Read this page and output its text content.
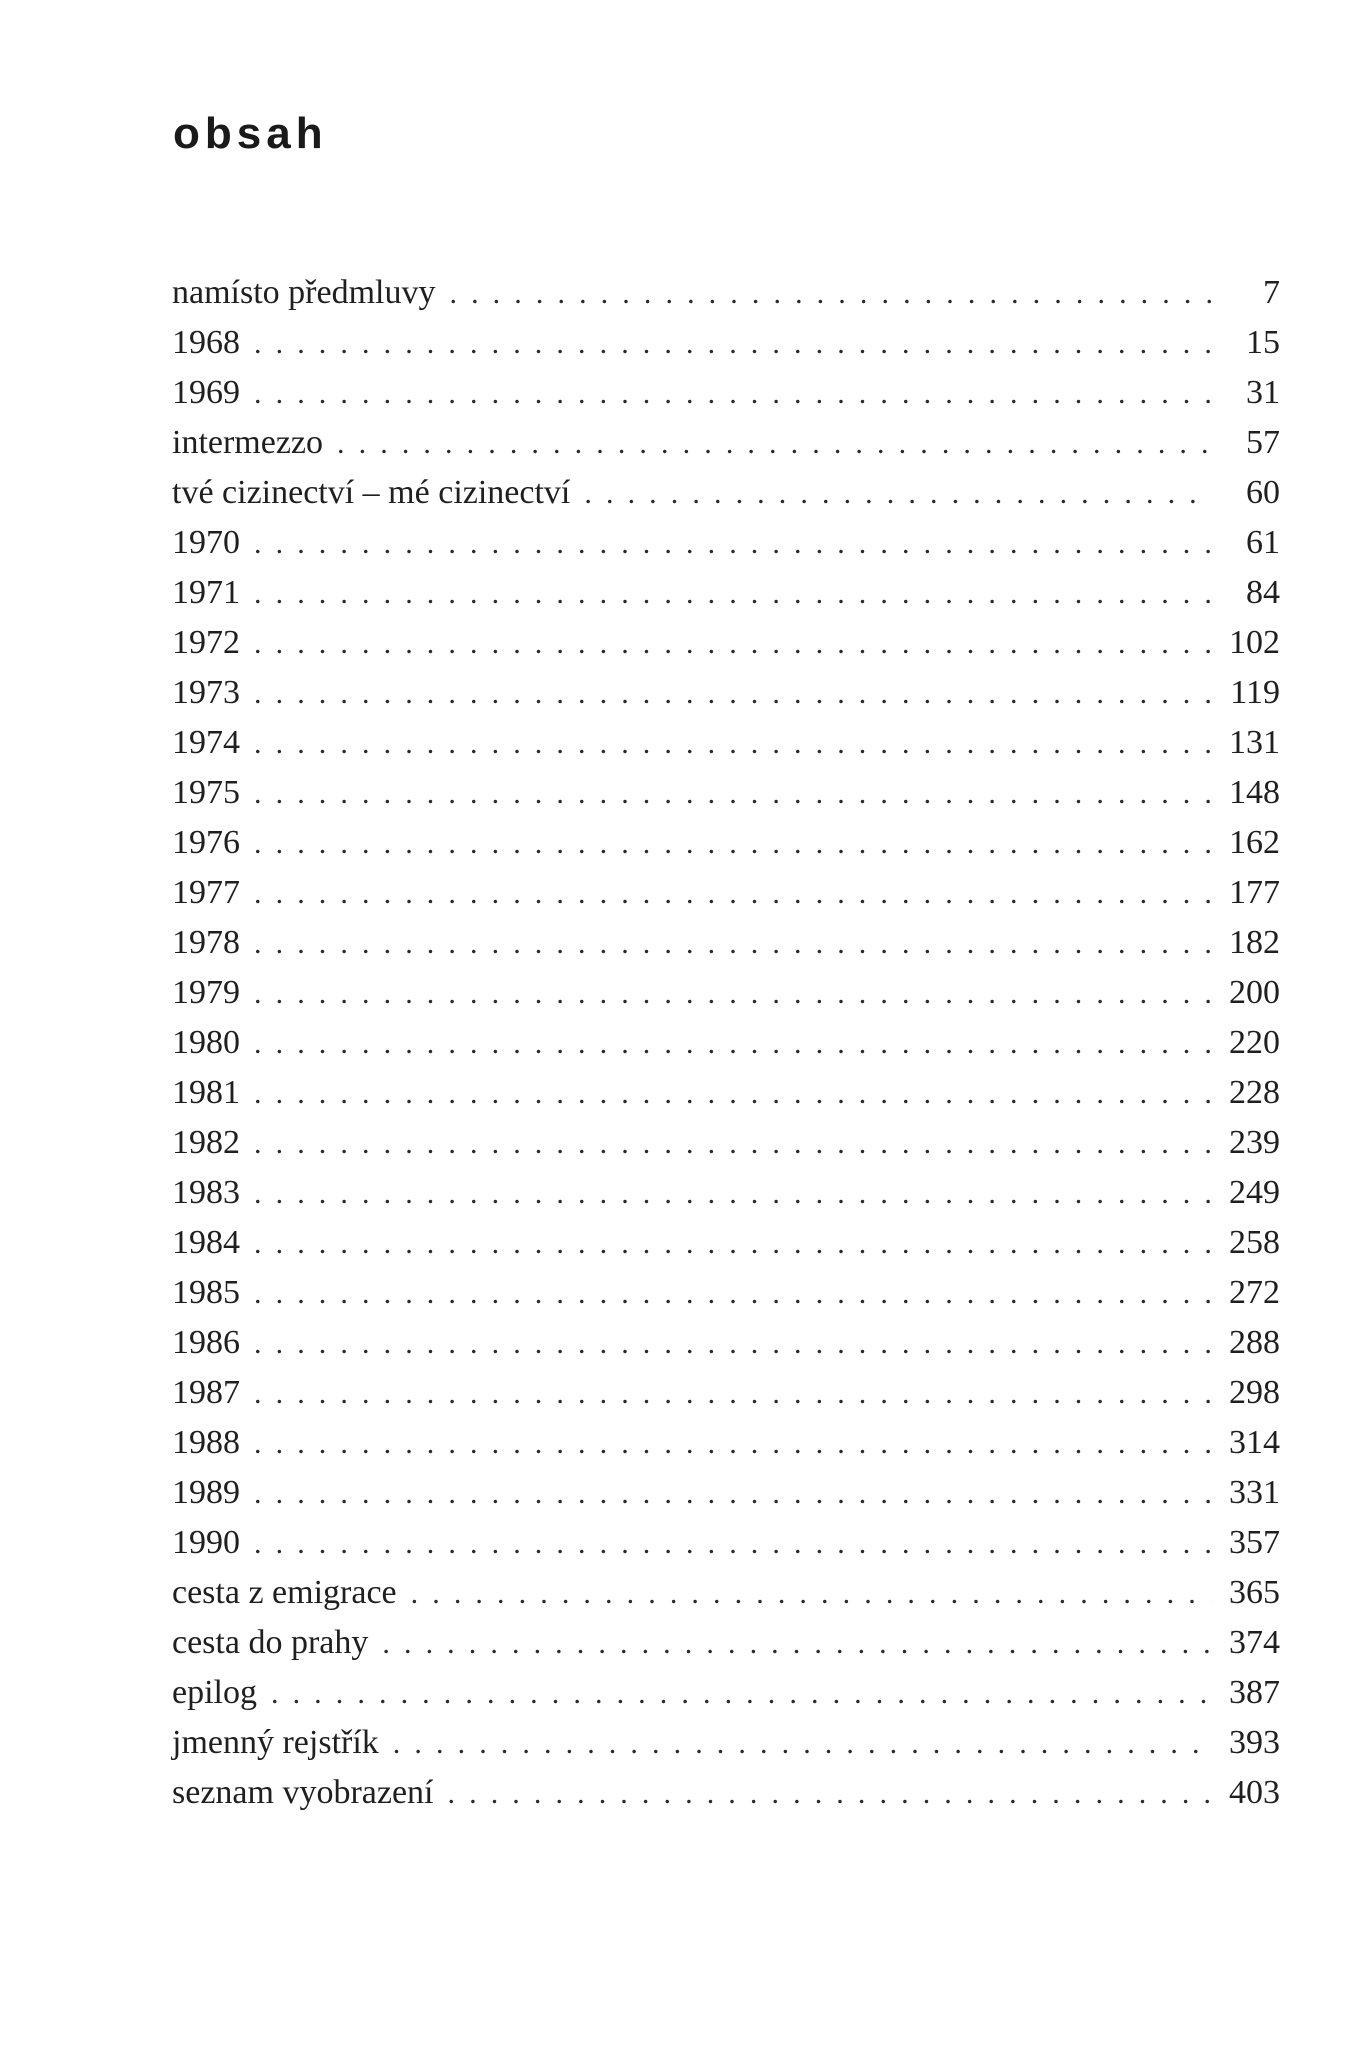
obsah
namísto předmluvy . . .	7
1968 . . .	15
1969 . . .	31
intermezzo . . .	57
tvé cizinectví – mé cizinectví . . .	60
1970 . . .	61
1971 . . .	84
1972 . . .	102
1973 . . .	119
1974 . . .	131
1975 . . .	148
1976 . . .	162
1977 . . .	177
1978 . . .	182
1979 . . .	200
1980 . . .	220
1981 . . .	228
1982 . . .	239
1983 . . .	249
1984 . . .	258
1985 . . .	272
1986 . . .	288
1987 . . .	298
1988 . . .	314
1989 . . .	331
1990 . . .	357
cesta z emigrace . . .	365
cesta do prahy . . .	374
epilog . . .	387
jmenný rejstřík . . .	393
seznam vyobrazení . . .	403
